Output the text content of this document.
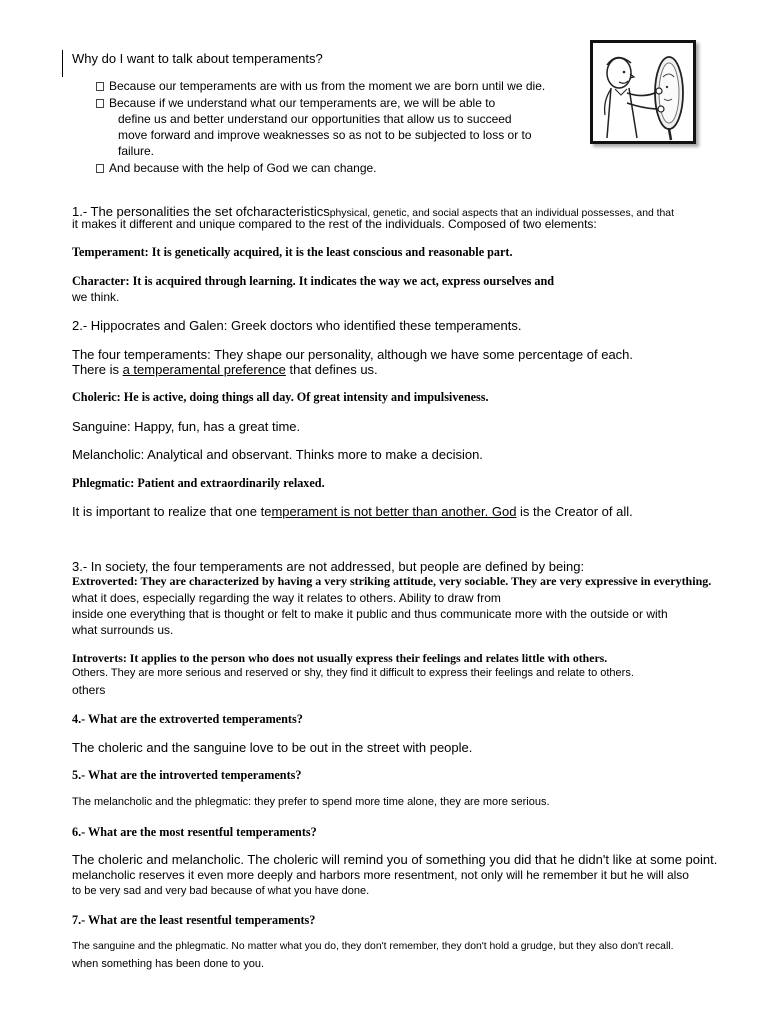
Why do I want to talk about temperaments?
Because our temperaments are with us from the moment we are born until we die.
Because if we understand what our temperaments are, we will be able to
define us and better understand our opportunities that allow us to succeed
move forward and improve weaknesses so as not to be subjected to loss or to
failure.
And because with the help of God we can change.
1.- The personalities the set ofcharacteristicsphysical, genetic, and social aspects that an individual possesses, and that
it makes it different and unique compared to the rest of the individuals. Composed of two elements:
Temperament: It is genetically acquired, it is the least conscious and reasonable part.
Character: It is acquired through learning. It indicates the way we act, express ourselves and
we think.
2.- Hippocrates and Galen: Greek doctors who identified these temperaments.
The four temperaments: They shape our personality, although we have some percentage of each.
There is a temperamental preference that defines us.
Choleric: He is active, doing things all day. Of great intensity and impulsiveness.
Sanguine: Happy, fun, has a great time.
Melancholic: Analytical and observant. Thinks more to make a decision.
Phlegmatic: Patient and extraordinarily relaxed.
It is important to realize that one temperament is not better than another. God is the Creator of all.
3.- In society, the four temperaments are not addressed, but people are defined by being:
Extroverted: They are characterized by having a very striking attitude, very sociable. They are very expressive in everything.
what it does, especially regarding the way it relates to others. Ability to draw from
inside one everything that is thought or felt to make it public and thus communicate more with the outside or with
what surrounds us.
Introverts: It applies to the person who does not usually express their feelings and relates little with others.
Others. They are more serious and reserved or shy, they find it difficult to express their feelings and relate to others.
others
4.- What are the extroverted temperaments?
The choleric and the sanguine love to be out in the street with people.
5.- What are the introverted temperaments?
The melancholic and the phlegmatic: they prefer to spend more time alone, they are more serious.
6.- What are the most resentful temperaments?
The choleric and melancholic. The choleric will remind you of something you did that he didn't like at some point.
melancholic reserves it even more deeply and harbors more resentment, not only will he remember it but he will also
to be very sad and very bad because of what you have done.
7.- What are the least resentful temperaments?
The sanguine and the phlegmatic. No matter what you do, they don't remember, they don't hold a grudge, but they also don't recall.
when something has been done to you.
